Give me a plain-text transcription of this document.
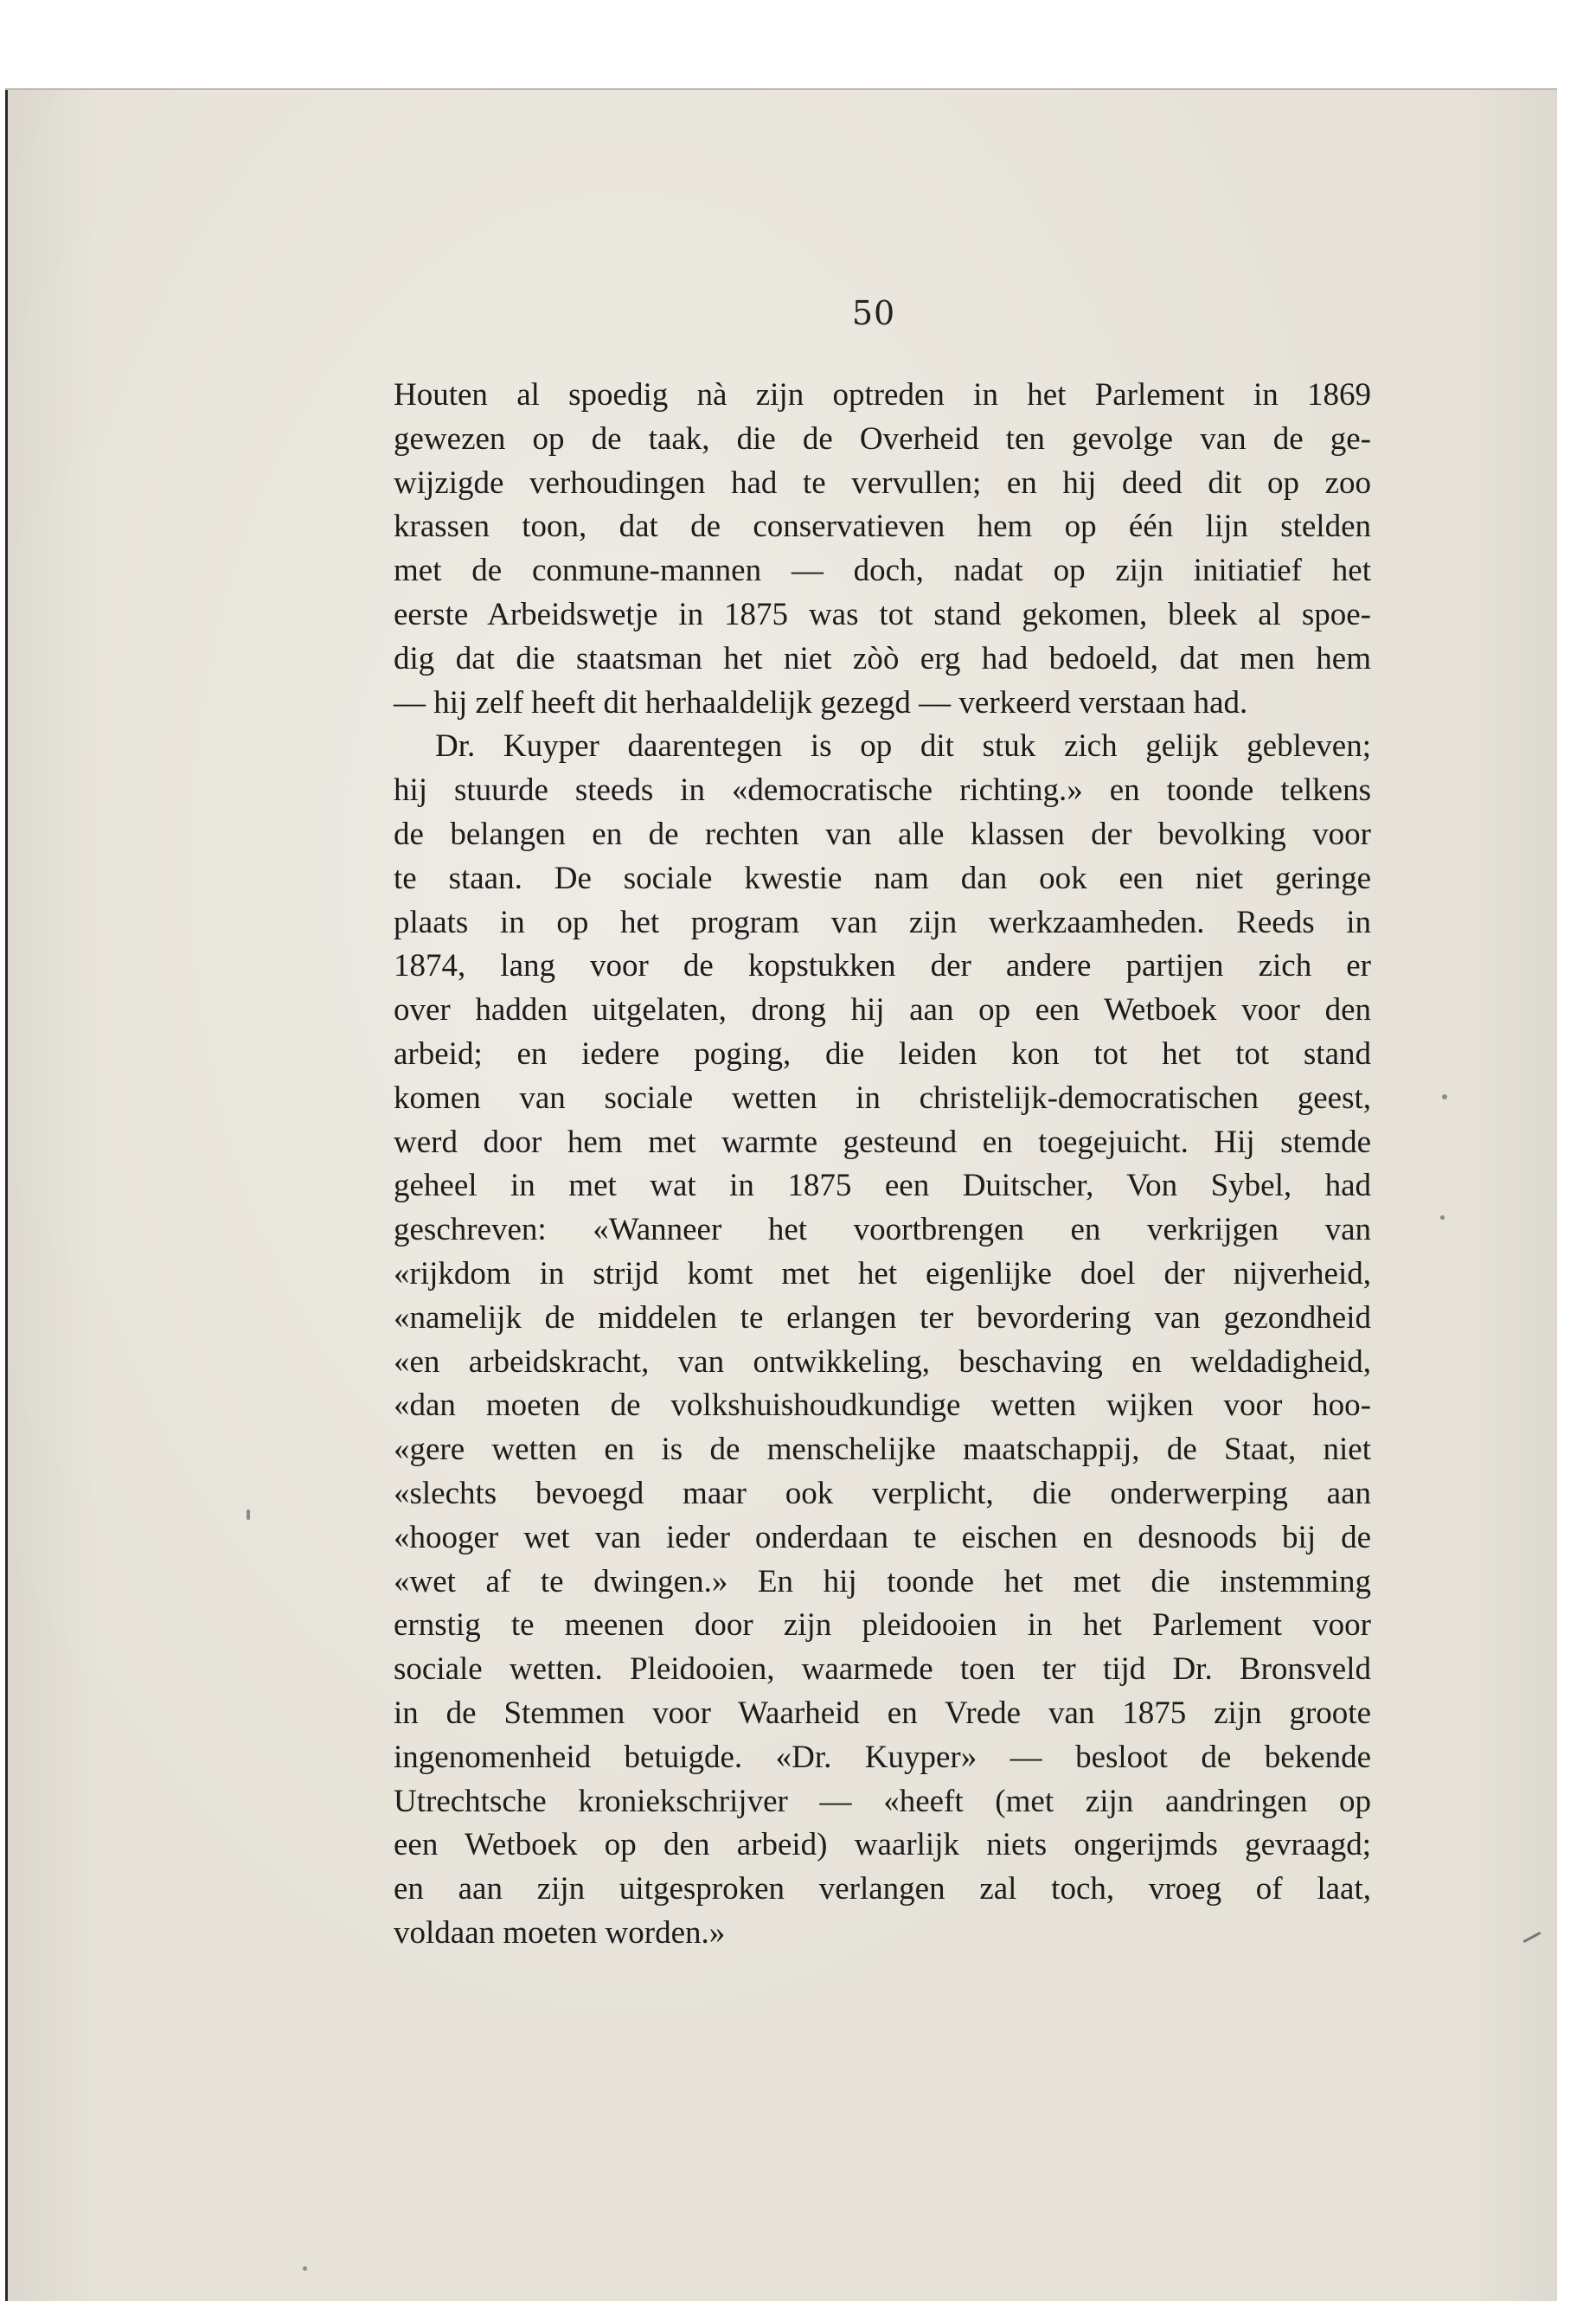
50
Houten al spoedig nà zijn optreden in het Parlement in 1869
gewezen op de taak, die de Overheid ten gevolge van de ge-
wijzigde verhoudingen had te vervullen; en hij deed dit op zoo
krassen toon, dat de conservatieven hem op één lijn stelden
met de conmune-mannen — doch, nadat op zijn initiatief het
eerste Arbeidswetje in 1875 was tot stand gekomen, bleek al spoe-
dig dat die staatsman het niet zòò erg had bedoeld, dat men hem
— hij zelf heeft dit herhaaldelijk gezegd — verkeerd verstaan had.
Dr. Kuyper daarentegen is op dit stuk zich gelijk gebleven;
hij stuurde steeds in «democratische richting.» en toonde telkens
de belangen en de rechten van alle klassen der bevolking voor
te staan. De sociale kwestie nam dan ook een niet geringe
plaats in op het program van zijn werkzaamheden. Reeds in
1874, lang voor de kopstukken der andere partijen zich er
over hadden uitgelaten, drong hij aan op een Wetboek voor den
arbeid; en iedere poging, die leiden kon tot het tot stand
komen van sociale wetten in christelijk-democratischen geest,
werd door hem met warmte gesteund en toegejuicht. Hij stemde
geheel in met wat in 1875 een Duitscher, Von Sybel, had
geschreven: «Wanneer het voortbrengen en verkrijgen van
«rijkdom in strijd komt met het eigenlijke doel der nijverheid,
«namelijk de middelen te erlangen ter bevordering van gezondheid
«en arbeidskracht, van ontwikkeling, beschaving en weldadigheid,
«dan moeten de volkshuishoudkundige wetten wijken voor hoo-
«gere wetten en is de menschelijke maatschappij, de Staat, niet
«slechts bevoegd maar ook verplicht, die onderwerping aan
«hooger wet van ieder onderdaan te eischen en desnoods bij de
«wet af te dwingen.» En hij toonde het met die instemming
ernstig te meenen door zijn pleidooien in het Parlement voor
sociale wetten. Pleidooien, waarmede toen ter tijd Dr. Bronsveld
in de Stemmen voor Waarheid en Vrede van 1875 zijn groote
ingenomenheid betuigde. «Dr. Kuyper» — besloot de bekende
Utrechtsche kroniekschrijver — «heeft (met zijn aandringen op
een Wetboek op den arbeid) waarlijk niets ongerijmds gevraagd;
en aan zijn uitgesproken verlangen zal toch, vroeg of laat,
voldaan moeten worden.»
